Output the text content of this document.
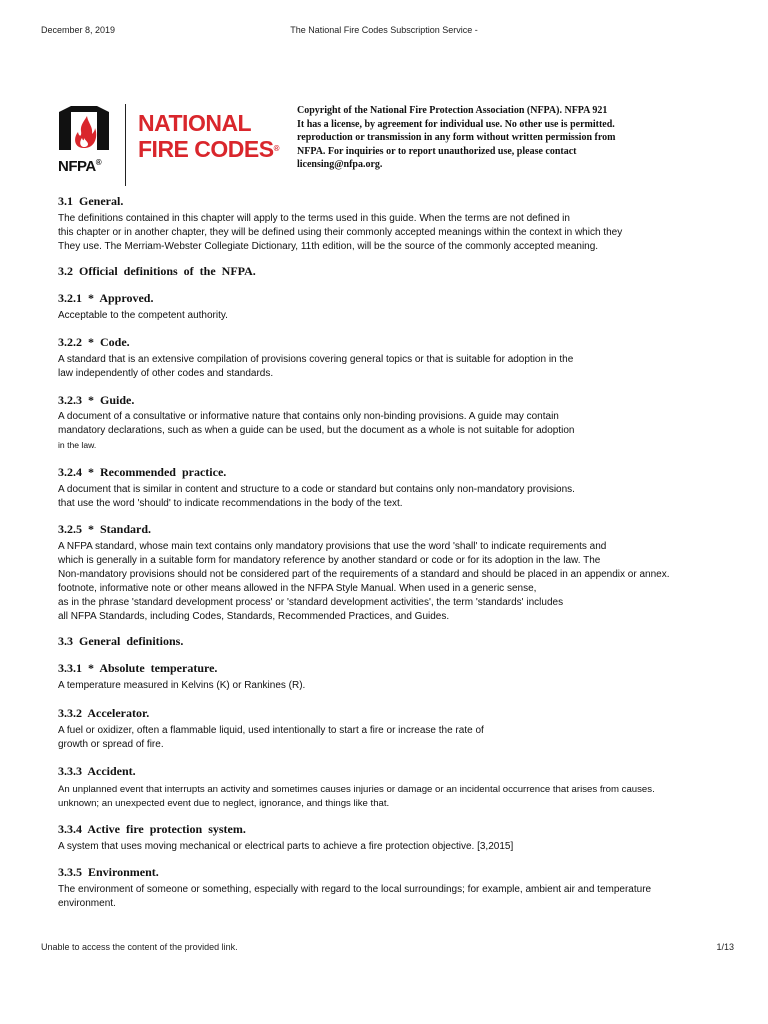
December 8, 2019	The National Fire Codes Subscription Service -
NATIONAL
FIRE CODES®
NFPA®
Copyright of the National Fire Protection Association (NFPA). NFPA 921
It has a license, by agreement for individual use. No other use is permitted.
reproduction or transmission in any form without written permission from
NFPA. For inquiries or to report unauthorized use, please contact
licensing@nfpa.org.
3.1 General.
The definitions contained in this chapter will apply to the terms used in this guide. When the terms are not defined in
this chapter or in another chapter, they will be defined using their commonly accepted meanings within the context in which they
They use. The Merriam-Webster Collegiate Dictionary, 11th edition, will be the source of the commonly accepted meaning.
3.2 Official definitions of the NFPA.
3.2.1 * Approved.
Acceptable to the competent authority.
3.2.2 * Code.
A standard that is an extensive compilation of provisions covering general topics or that is suitable for adoption in the
law independently of other codes and standards.
3.2.3 * Guide.
A document of a consultative or informative nature that contains only non-binding provisions. A guide may contain
mandatory declarations, such as when a guide can be used, but the document as a whole is not suitable for adoption
in the law.
3.2.4 * Recommended practice.
A document that is similar in content and structure to a code or standard but contains only non-mandatory provisions.
that use the word 'should' to indicate recommendations in the body of the text.
3.2.5 * Standard.
A NFPA standard, whose main text contains only mandatory provisions that use the word 'shall' to indicate requirements and
which is generally in a suitable form for mandatory reference by another standard or code or for its adoption in the law. The
Non-mandatory provisions should not be considered part of the requirements of a standard and should be placed in an appendix or annex.
footnote, informative note or other means allowed in the NFPA Style Manual. When used in a generic sense,
as in the phrase 'standard development process' or 'standard development activities', the term 'standards' includes
all NFPA Standards, including Codes, Standards, Recommended Practices, and Guides.
3.3 General definitions.
3.3.1 * Absolute temperature.
A temperature measured in Kelvins (K) or Rankines (R).
3.3.2 Accelerator.
A fuel or oxidizer, often a flammable liquid, used intentionally to start a fire or increase the rate of
growth or spread of fire.
3.3.3 Accident.
An unplanned event that interrupts an activity and sometimes causes injuries or damage or an incidental occurrence that arises from causes.
unknown; an unexpected event due to neglect, ignorance, and things like that.
3.3.4 Active fire protection system.
A system that uses moving mechanical or electrical parts to achieve a fire protection objective. [3,2015]
3.3.5 Environment.
The environment of someone or something, especially with regard to the local surroundings; for example, ambient air and temperature
environment.
Unable to access the content of the provided link.	1/13
